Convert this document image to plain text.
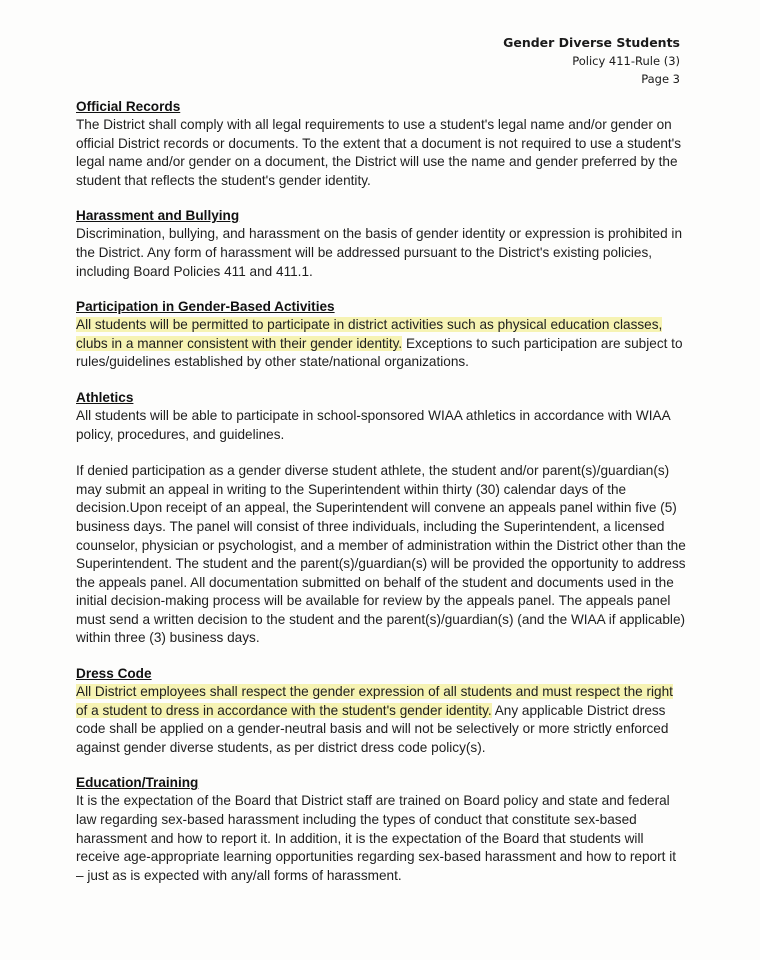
Gender Diverse Students
Policy 411-Rule (3)
Page 3
Official Records

The District shall comply with all legal requirements to use a student's legal name and/or gender on official District records or documents. To the extent that a document is not required to use a student's legal name and/or gender on a document, the District will use the name and gender preferred by the student that reflects the student's gender identity.

Harassment and Bullying

Discrimination, bullying, and harassment on the basis of gender identity or expression is prohibited in the District. Any form of harassment will be addressed pursuant to the District's existing policies, including Board Policies 411 and 411.1.

Participation in Gender-Based Activities

All students will be permitted to participate in district activities such as physical education classes, clubs in a manner consistent with their gender identity. Exceptions to such participation are subject to rules/guidelines established by other state/national organizations.

Athletics

All students will be able to participate in school-sponsored WIAA athletics in accordance with WIAA policy, procedures, and guidelines.

If denied participation as a gender diverse student athlete, the student and/or parent(s)/guardian(s) may submit an appeal in writing to the Superintendent within thirty (30) calendar days of the decision.Upon receipt of an appeal, the Superintendent will convene an appeals panel within five (5) business days. The panel will consist of three individuals, including the Superintendent, a licensed counselor, physician or psychologist, and a member of administration within the District other than the Superintendent. The student and the parent(s)/guardian(s) will be provided the opportunity to address the appeals panel. All documentation submitted on behalf of the student and documents used in the initial decision-making process will be available for review by the appeals panel. The appeals panel must send a written decision to the student and the parent(s)/guardian(s) (and the WIAA if applicable) within three (3) business days.

Dress Code

All District employees shall respect the gender expression of all students and must respect the right of a student to dress in accordance with the student's gender identity. Any applicable District dress code shall be applied on a gender-neutral basis and will not be selectively or more strictly enforced against gender diverse students, as per district dress code policy(s).

Education/Training

It is the expectation of the Board that District staff are trained on Board policy and state and federal law regarding sex-based harassment including the types of conduct that constitute sex-based harassment and how to report it. In addition, it is the expectation of the Board that students will receive age-appropriate learning opportunities regarding sex-based harassment and how to report it – just as is expected with any/all forms of harassment.
